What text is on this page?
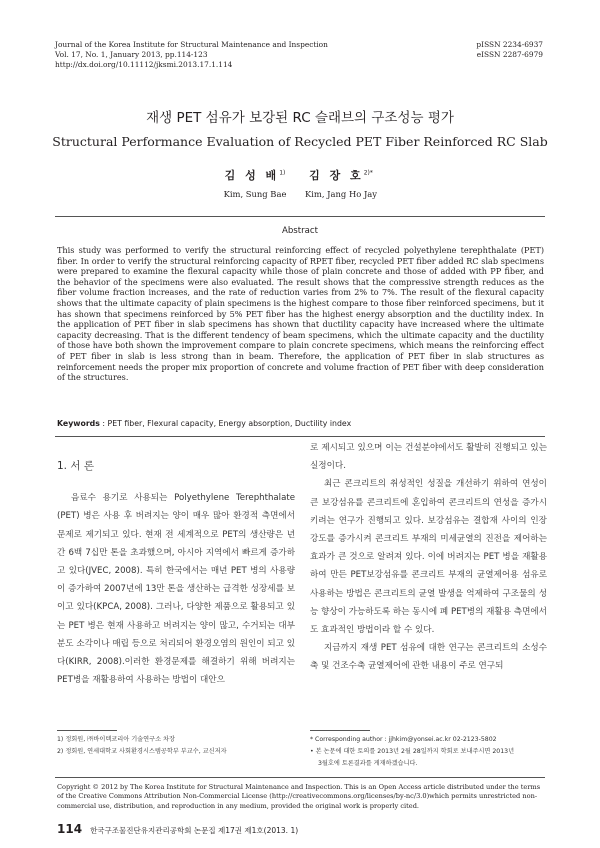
Journal of the Korea Institute for Structural Maintenance and Inspection
Vol. 17, No. 1, January 2013, pp.114-123
http://dx.doi.org/10.11112/jksmi.2013.17.1.114
pISSN 2234-6937
eISSN 2287-6979
재생 PET 섬유가 보강된 RC 슬래브의 구조성능 평가
Structural Performance Evaluation of Recycled PET Fiber Reinforced RC Slab
김 성 배$^{1)}$
Kim, Sung Bae
김 장 호$^{2)*}$
Kim, Jang Ho Jay
Abstract
This study was performed to verify the structural reinforcing effect of recycled polyethylene terephthalate (PET) fiber. In order to verify the structural reinforcing capacity of RPET fiber, recycled PET fiber added RC slab specimens were prepared to examine the flexural capacity while those of plain concrete and those of added with PP fiber, and the behavior of the specimens were also evaluated. The result shows that the compressive strength reduces as the fiber volume fraction increases, and the rate of reduction varies from 2% to 7%. The result of the flexural capacity shows that the ultimate capacity of plain specimens is the highest compare to those fiber reinforced specimens, but it has shown that specimens reinforced by 5% PET fiber has the highest energy absorption and the ductility index. In the application of PET fiber in slab specimens has shown that ductility capacity have increased where the ultimate capacity decreasing. That is the different tendency of beam specimens, which the ultimate capacity and the ductility of those have both shown the improvement compare to plain concrete specimens, which means the reinforcing effect of PET fiber in slab is less strong than in beam. Therefore, the application of PET fiber in slab structures as reinforcement needs the proper mix proportion of concrete and volume fraction of PET fiber with deep consideration of the structures.
Keywords : PET fiber, Flexural capacity, Energy absorption, Ductility index

1. 서 론

음료수 용기로 사용되는 Polyethylene Terephthalate (PET) 병은 사용 후 버려지는 양이 매우 많아 환경적 측면에서 문제로 제기되고 있다. 현재 전 세계적으로 PET의 생산량은 년간 6백 7십만 톤을 초과했으며, 아시아 지역에서 빠르게 증가하고 있다(JVEC, 2008). 특히 한국에서는 매년 PET 병의 사용량이 증가하여 2007년에 13만 톤을 생산하는 급격한 성장세를 보이고 있다(KPCA, 2008). 그러나, 다양한 제품으로 활용되고 있는 PET 병은 현재 사용하고 버려지는 양이 많고, 수거되는 대부분도 소각이나 매립 등으로 처리되어 환경오염의 원인이 되고 있다(KIRR, 2008).이러한 환경문제를 해결하기 위해 버려지는 PET병을 재활용하여 사용하는 방법이 대안으

로 제시되고 있으며 이는 건설분야에서도 활발히 진행되고 있는 실정이다.

최근 콘크리트의 취성적인 성질을 개선하기 위하여 연성이 큰 보강섬유를 콘크리트에 혼입하여 콘크리트의 연성을 증가시키려는 연구가 진행되고 있다. 보강섬유는 결합재 사이의 인장강도를 증가시켜 콘크리트 부재의 미세균열의 진전을 제어하는 효과가 큰 것으로 알려져 있다. 이에 버려지는 PET 병을 재활용하여 만든 PET보강섬유를 콘크리트 부재의 균열제어용 섬유로 사용하는 방법은 콘크리트의 균열 발생을 억제하여 구조물의 성능 향상이 가능하도록 하는 동시에 폐 PET병의 재활용 측면에서도 효과적인 방법이라 할 수 있다.

지금까지 재생 PET 섬유에 대한 연구는 콘크리트의 소성수축 및 건조수축 균열제어에 관한 내용이 주로 연구되

1) 정회원, ㈜바이텍코리아 기술연구소 차장
2) 정회원, 연세대학교 사회환경시스템공학부 부교수, 교신저자
* Corresponding author : jjhkim@yonsei.ac.kr 02-2123-5802
• 본 논문에 대한 토의를 2013년 2월 28일까지 학회로 보내주시면 2013년
3월호에 토론결과를 게재하겠습니다.
Copyright © 2012 by The Korea Institute for Structural Maintenance and Inspection. This is an Open Access article distributed under the terms of the Creative Commons Attribution Non-Commercial License (http://creativecommons.org/licenses/by-nc/3.0)which permits unrestricted non-commercial use, distribution, and reproduction in any medium, provided the original work is properly cited.
114 한국구조물진단유지관리공학회 논문집 제17권 제1호(2013. 1)
